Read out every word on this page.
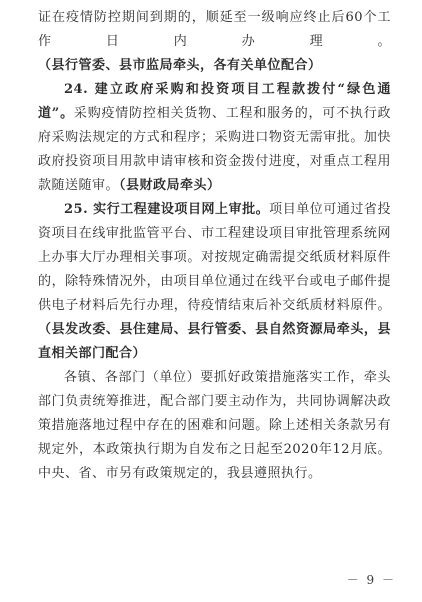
证在疫情防控期间到期的，顺延至一级响应终止后60个工作日内办理。（县行管委、县市监局牵头，各有关单位配合）

24. 建立政府采购和投资项目工程款拨付“绿色通道”。采购疫情防控相关货物、工程和服务的，可不执行政府采购法规定的方式和程序；采购进口物资无需审批。加快政府投资项目用款申请审核和资金拨付进度，对重点工程用款随送随审。（县财政局牵头）

25. 实行工程建设项目网上审批。项目单位可通过省投资项目在线审批监管平台、市工程建设项目审批管理系统网上办事大厅办理相关事项。对按规定确需提交纸质材料原件的，除特殊情况外，由项目单位通过在线平台或电子邮件提供电子材料后先行办理，待疫情结束后补交纸质材料原件。（县发改委、县住建局、县行管委、县自然资源局牵头，县直相关部门配合）

各镇、各部门（单位）要抓好政策措施落实工作，牵头部门负责统筹推进，配合部门要主动作为，共同协调解决政策措施落地过程中存在的困难和问题。除上述相关条款另有规定外，本政策执行期为自发布之日起至2020年12月底。中央、省、市另有政策规定的，我县遵照执行。

－ 9 －
